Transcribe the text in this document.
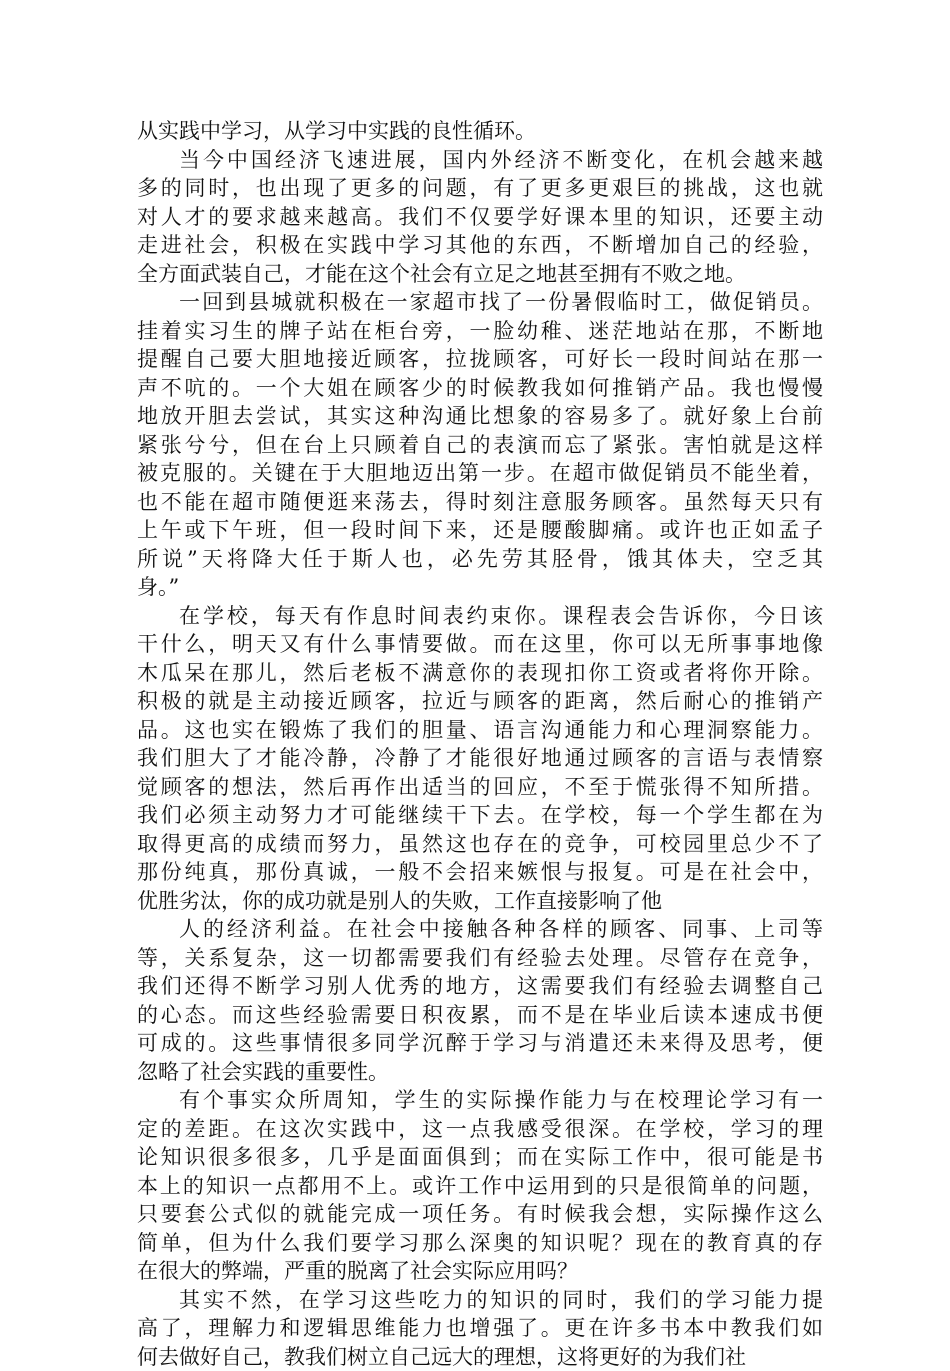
从实践中学习，从学习中实践的良性循环。
当今中国经济飞速进展，国内外经济不断变化，在机会越来越
多的同时，也出现了更多的问题，有了更多更艰巨的挑战，这也就
对人才的要求越来越高。我们不仅要学好课本里的知识，还要主动
走进社会，积极在实践中学习其他的东西，不断增加自己的经验，
全方面武装自己，才能在这个社会有立足之地甚至拥有不败之地。
一回到县城就积极在一家超市找了一份暑假临时工，做促销员。
挂着实习生的牌子站在柜台旁，一脸幼稚、迷茫地站在那，不断地
提醒自己要大胆地接近顾客，拉拢顾客，可好长一段时间站在那一
声不吭的。一个大姐在顾客少的时候教我如何推销产品。我也慢慢
地放开胆去尝试，其实这种沟通比想象的容易多了。就好象上台前
紧张兮兮，但在台上只顾着自己的表演而忘了紧张。害怕就是这样
被克服的。关键在于大胆地迈出第一步。在超市做促销员不能坐着，
也不能在超市随便逛来荡去，得时刻注意服务顾客。虽然每天只有
上午或下午班，但一段时间下来，还是腰酸脚痛。或许也正如孟子
所说”天将降大任于斯人也，必先劳其胫骨，饿其体夫，空乏其
身。”
在学校，每天有作息时间表约束你。课程表会告诉你，今日该
干什么，明天又有什么事情要做。而在这里，你可以无所事事地像
木瓜呆在那儿，然后老板不满意你的表现扣你工资或者将你开除。
积极的就是主动接近顾客，拉近与顾客的距离，然后耐心的推销产
品。这也实在锻炼了我们的胆量、语言沟通能力和心理洞察能力。
我们胆大了才能冷静，冷静了才能很好地通过顾客的言语与表情察
觉顾客的想法，然后再作出适当的回应，不至于慌张得不知所措。
我们必须主动努力才可能继续干下去。在学校，每一个学生都在为
取得更高的成绩而努力，虽然这也存在的竞争，可校园里总少不了
那份纯真，那份真诚，一般不会招来嫉恨与报复。可是在社会中，
优胜劣汰，你的成功就是别人的失败，工作直接影响了他
人的经济利益。在社会中接触各种各样的顾客、同事、上司等
等，关系复杂，这一切都需要我们有经验去处理。尽管存在竞争，
我们还得不断学习别人优秀的地方，这需要我们有经验去调整自己
的心态。而这些经验需要日积夜累，而不是在毕业后读本速成书便
可成的。这些事情很多同学沉醉于学习与消遣还未来得及思考，便
忽略了社会实践的重要性。
有个事实众所周知，学生的实际操作能力与在校理论学习有一
定的差距。在这次实践中，这一点我感受很深。在学校，学习的理
论知识很多很多，几乎是面面俱到；而在实际工作中，很可能是书
本上的知识一点都用不上。或许工作中运用到的只是很简单的问题，
只要套公式似的就能完成一项任务。有时候我会想，实际操作这么
简单，但为什么我们要学习那么深奥的知识呢？现在的教育真的存
在很大的弊端，严重的脱离了社会实际应用吗？
其实不然，在学习这些吃力的知识的同时，我们的学习能力提
高了，理解力和逻辑思维能力也增强了。更在许多书本中教我们如
何去做好自己，教我们树立自己远大的理想，这将更好的为我们社
